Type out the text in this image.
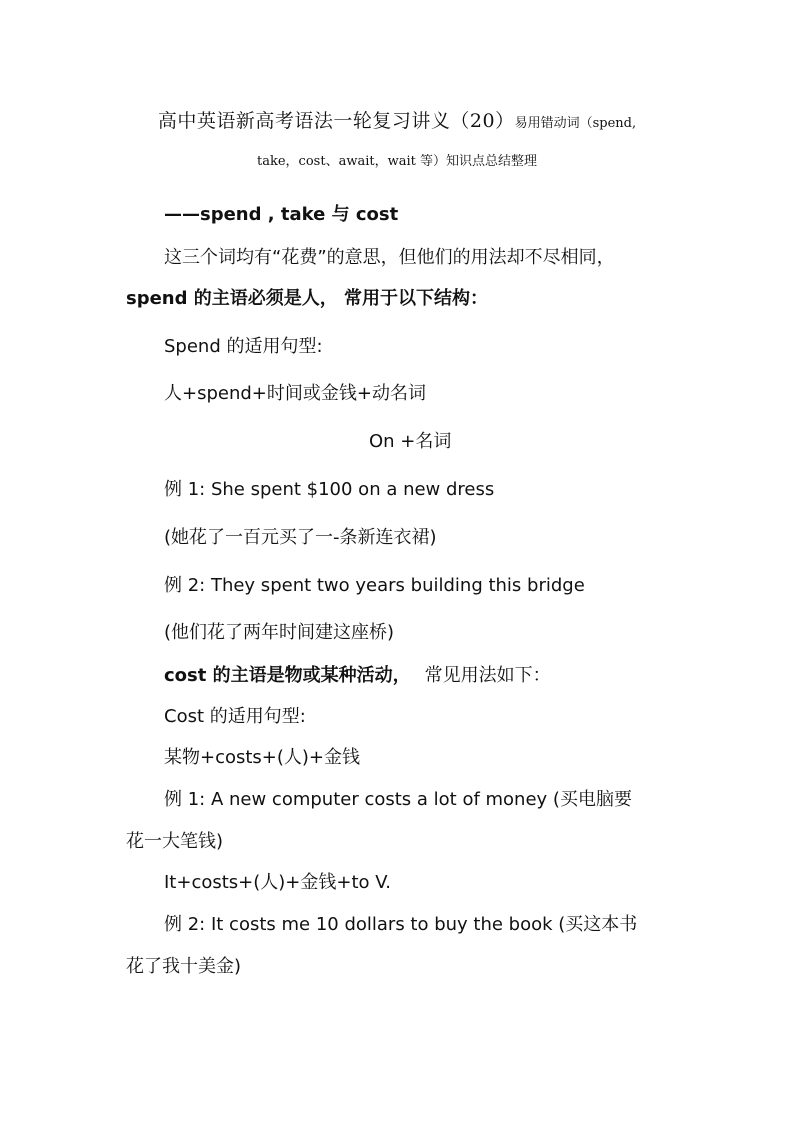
高中英语新高考语法一轮复习讲义（20）易用错动词（spend,
take，cost、await，wait 等）知识点总结整理
——spend , take 与 cost
这三个词均有“花费”的意思，但他们的用法却不尽相同，
spend 的主语必须是人， 常用于以下结构：
Spend 的适用句型:
人+spend+时间或金钱+动名词
On +名词
例 1: She spent $100 on a new dress
(她花了一百元买了一-条新连衣裙)
例 2: They spent two years building this bridge
(他们花了两年时间建这座桥)
cost 的主语是物或某种活动， 常见用法如下：
Cost 的适用句型:
某物+costs+(人)+金钱
例 1: A new computer costs a lot of money (买电脑要
花一大笔钱)
It+costs+(人)+金钱+to V.
例 2: It costs me 10 dollars to buy the book (买这本书
花了我十美金)
